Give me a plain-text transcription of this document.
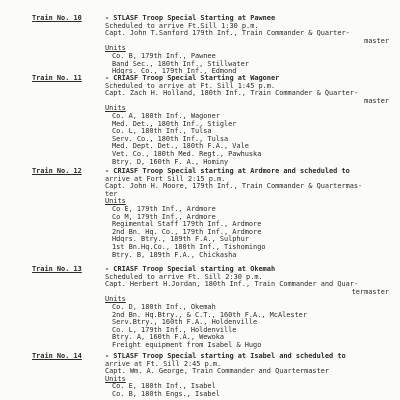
Train No. 10	- STLASF Troop Special Starting at Pawnee
Scheduled to arrive Ft.Sill 1:30 p.m.
Capt. John T.Sanford 179th Inf., Train Commander & Quarter-
master
Units
Co. B, 179th Inf., Pawnee
Band Sec., 180th Inf., Stillwater
Hdqrs. Co., 179th Inf., Edmond
Train No. 11	- CRIASF Troop Special Starting at Wagoner
Scheduled to arrive at Ft. Sill 1:45 p.m.
Capt. Zach H. Holland, 180th Inf., Train Commander & Quarter-
master
Units
Co. A, 180th Inf., Wagoner
Med. Det., 180th Inf., Stigler
Co. L, 180th Inf., Tulsa
Serv. Co., 180th Inf., Tulsa
Med. Dept. Det., 180th F.A., Vale
Vet. Co., 180th Med. Regt., Pawhuska
Btry. D, 160th F. A., Hominy
Train No. 12	- CRIASF Troop Special starting at Ardmore and scheduled to
arrive at Fort Sill 2:15 p.m.
Capt. John H. Moore, 179th Inf., Train Commander & Quartermas-
ter
Units
Co E, 179th Inf., Ardmore
Co M, 179th Inf., Ardmore
Regimental Staff 179th Inf., Ardmore
2nd Bn. Hq. Co., 179th Inf., Ardmore
Hdqrs. Btry., 189th F.A., Sulphur
1st Bn.Hq.Co., 180th Inf., Tishomingo
Btry. B, 189th F.A., Chickasha
Train No. 13	- CRIASF Troop Special starting at Okemah
Scheduled to arrive Ft. Sill 2:30 p.m.
Capt. Herbert H.Jordan, 180th Inf., Train Commander and Quar-
termaster
Units
Co. D, 180th Inf., Okemah
2nd Bn. Hq.Btry., & C.T., 160th F.A., McAlester
Serv.Btry., 160th F.A., Holdenville
Co. L, 179th Inf., Holdenville
Btry. A, 160th F.A., Wewoka
Freight equipment from Isabel & Hugo
Train No. 14	- STLASF Troop Special starting at Isabel and scheduled to
arrive at Ft. Sill 2:45 p.m.
Capt. Wm. A. George, Train Commander and Quartermaster
Units
Co. E, 180th Inf., Isabel
Co. B, 180th Engs., Isabel
